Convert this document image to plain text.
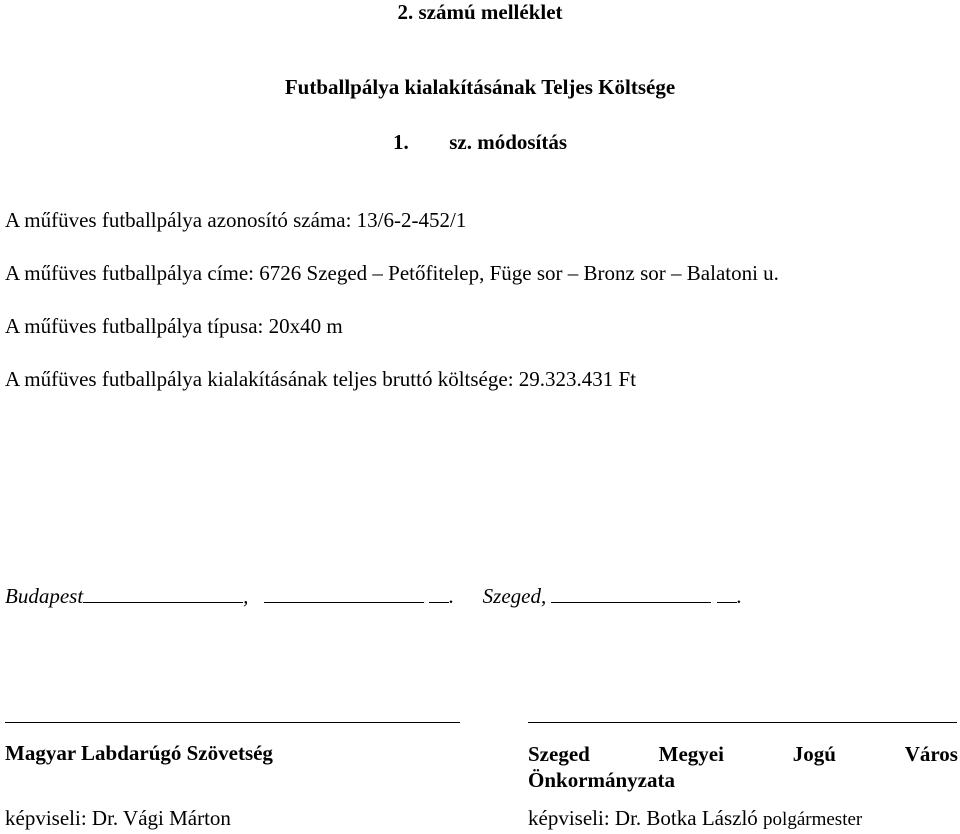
2. számú melléklet
Futballpálya kialakításának Teljes Költsége
1. sz. módosítás
A műfüves futballpálya azonosító száma: 13/6-2-452/1
A műfüves futballpálya címe: 6726 Szeged – Petőfitelep, Füge sor – Bronz sor – Balatoni u.
A műfüves futballpálya típusa: 20x40 m
A műfüves futballpálya kialakításának teljes bruttó költsége: 29.323.431 Ft
Budapest	,	. Szeged,	.
Magyar Labdarúgó Szövetség	Szeged	Megyei	Jogú	Város
Önkormányzata
képviseli: Dr. Vági Márton	képviseli: Dr. Botka László polgármester
